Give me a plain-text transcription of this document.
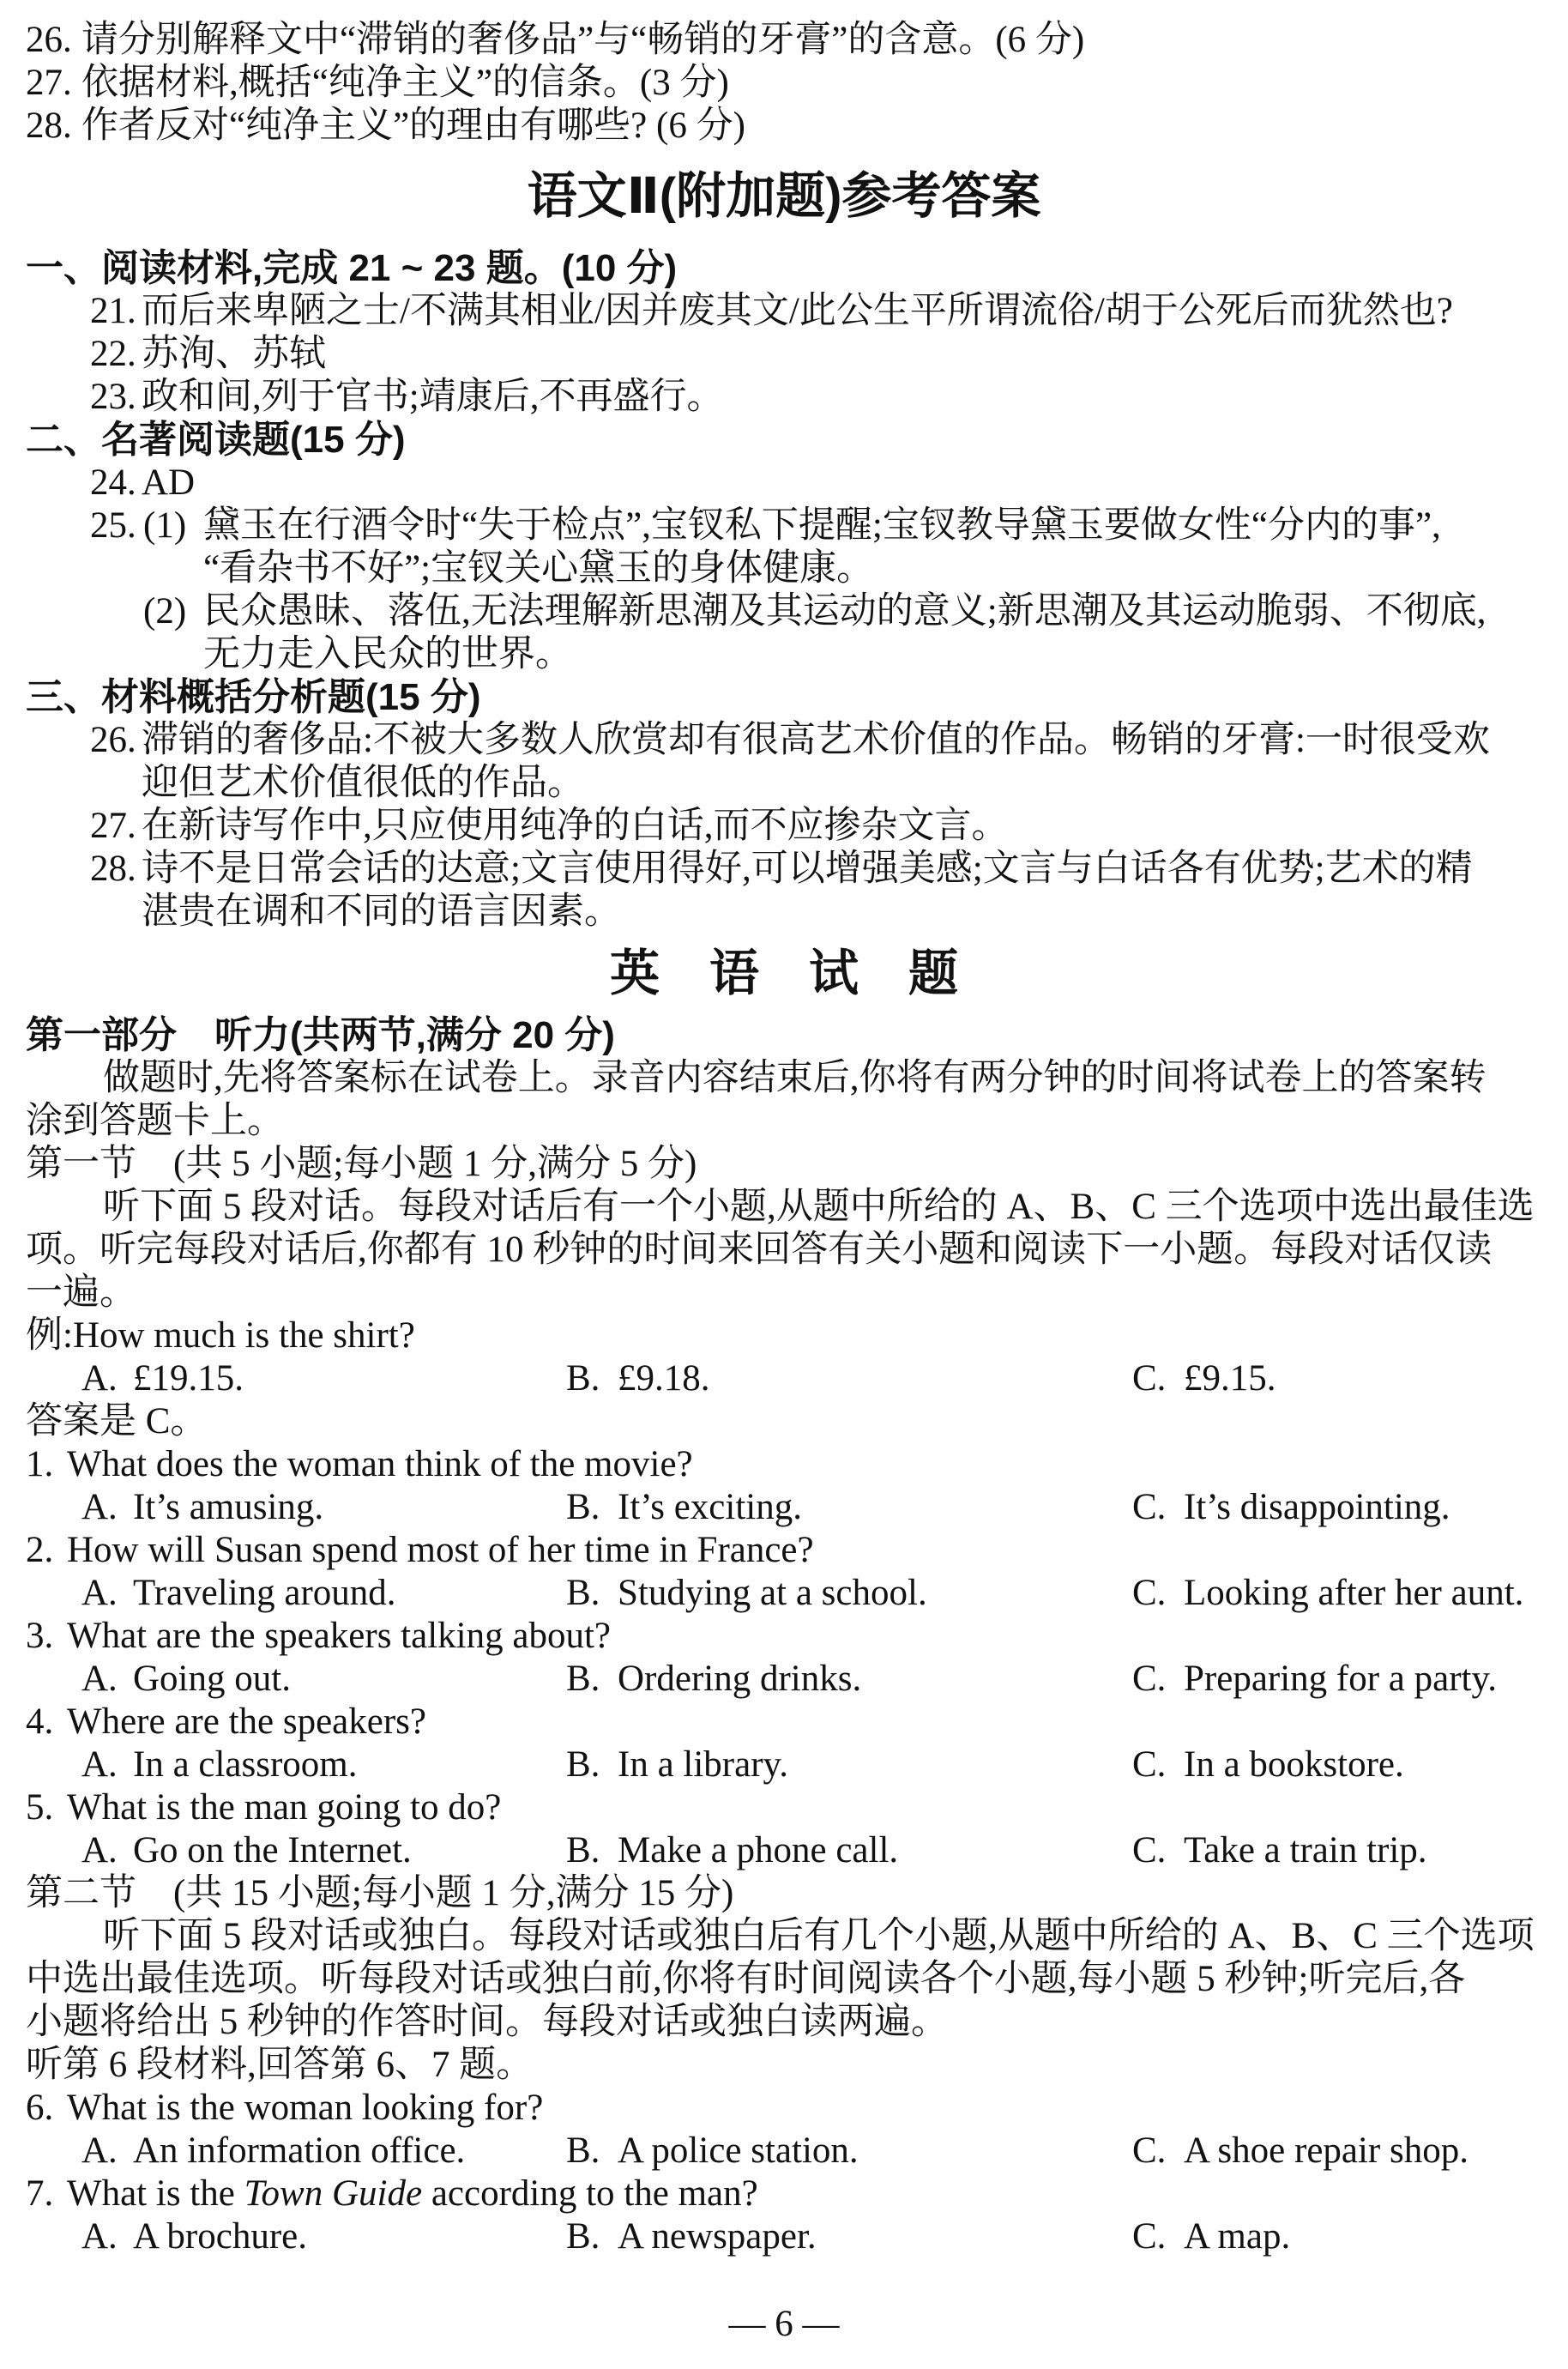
26. 请分别解释文中“滞销的奢侈品”与“畅销的牙膏”的含意。(6 分)
27. 依据材料,概括“纯净主义”的信条。(3 分)
28. 作者反对“纯净主义”的理由有哪些? (6 分)
语文Ⅱ(附加题)参考答案
一、阅读材料,完成 21 ~ 23 题。(10 分)
21. 而后来卑陋之士/不满其相业/因并废其文/此公生平所谓流俗/胡于公死后而犹然也?
22. 苏洵、苏轼
23. 政和间,列于官书;靖康后,不再盛行。
二、名著阅读题(15 分)
24. AD
25. (1) 黛玉在行酒令时“失于检点”,宝钗私下提醒;宝钗教导黛玉要做女性“分内的事”,
“看杂书不好”;宝钗关心黛玉的身体健康。
(2) 民众愚昧、落伍,无法理解新思潮及其运动的意义;新思潮及其运动脆弱、不彻底,
无力走入民众的世界。
三、材料概括分析题(15 分)
26. 滞销的奢侈品:不被大多数人欣赏却有很高艺术价值的作品。畅销的牙膏:一时很受欢
迎但艺术价值很低的作品。
27. 在新诗写作中,只应使用纯净的白话,而不应掺杂文言。
28. 诗不是日常会话的达意;文言使用得好,可以增强美感;文言与白话各有优势;艺术的精
湛贵在调和不同的语言因素。
英　语　试　题
第一部分　听力(共两节,满分 20 分)
做题时,先将答案标在试卷上。录音内容结束后,你将有两分钟的时间将试卷上的答案转
涂到答题卡上。
第一节　(共 5 小题;每小题 1 分,满分 5 分)
听下面 5 段对话。每段对话后有一个小题,从题中所给的 A、B、C 三个选项中选出最佳选
项。听完每段对话后,你都有 10 秒钟的时间来回答有关小题和阅读下一小题。每段对话仅读
一遍。
例:How much is the shirt?
A. £19.15.	B. £9.18.	C. £9.15.
答案是 C。
1. What does the woman think of the movie?
A. It’s amusing.	B. It’s exciting.	C. It’s disappointing.
2. How will Susan spend most of her time in France?
A. Traveling around.	B. Studying at a school.	C. Looking after her aunt.
3. What are the speakers talking about?
A. Going out.	B. Ordering drinks.	C. Preparing for a party.
4. Where are the speakers?
A. In a classroom.	B. In a library.	C. In a bookstore.
5. What is the man going to do?
A. Go on the Internet.	B. Make a phone call.	C. Take a train trip.
第二节　(共 15 小题;每小题 1 分,满分 15 分)
听下面 5 段对话或独白。每段对话或独白后有几个小题,从题中所给的 A、B、C 三个选项
中选出最佳选项。听每段对话或独白前,你将有时间阅读各个小题,每小题 5 秒钟;听完后,各
小题将给出 5 秒钟的作答时间。每段对话或独白读两遍。
听第 6 段材料,回答第 6、7 题。
6. What is the woman looking for?
A. An information office.	B. A police station.	C. A shoe repair shop.
7. What is the Town Guide according to the man?
A. A brochure.	B. A newspaper.	C. A map.
— 6 —
